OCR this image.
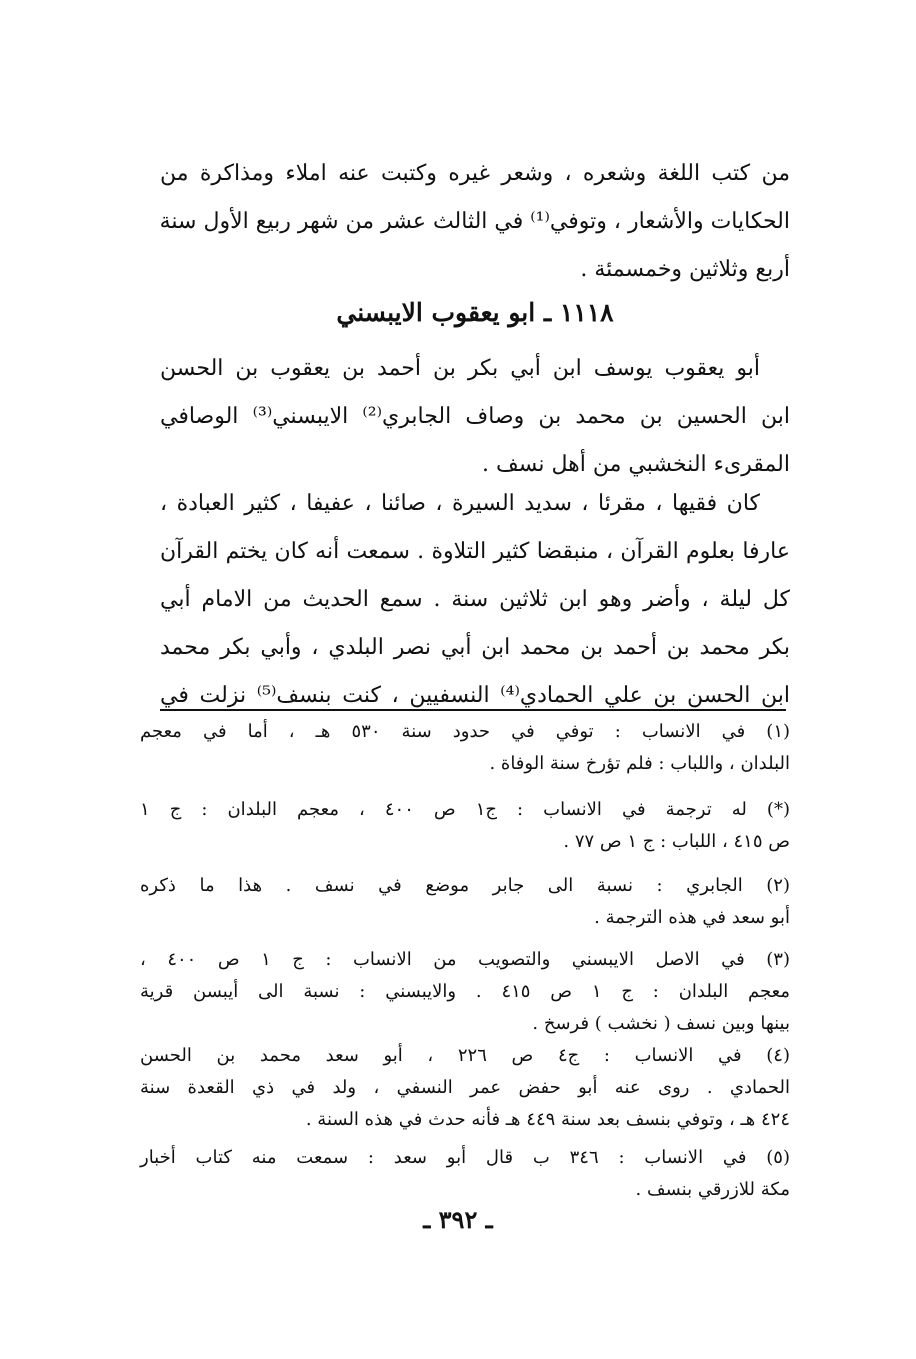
من كتب اللغة وشعره ، وشعر غيره وكتبت عنه املاء ومذاكرة من
الحكايات والأشعار ، وتوفي⁽¹⁾ في الثالث عشر من شهر ربيع الأول سنة
أربع وثلاثين وخمسمئة .
١١١٨ ـ ابو يعقوب الايبسني
أبو يعقوب يوسف ابن أبي بكر بن أحمد بن يعقوب بن الحسن
ابن الحسين بن محمد بن وصاف الجابري⁽²⁾ الايبسني⁽³⁾ الوصافي
المقرىء النخشبي من أهل نسف .
كان فقيها ، مقرئا ، سديد السيرة ، صائنا ، عفيفا ، كثير العبادة ،
عارفا بعلوم القرآن ، منبقضا كثير التلاوة . سمعت أنه كان يختم القرآن
كل ليلة ، وأضر وهو ابن ثلاثين سنة . سمع الحديث من الامام أبي
بكر محمد بن أحمد بن محمد ابن أبي نصر البلدي ، وأبي بكر محمد
ابن الحسن بن علي الحمادي⁽⁴⁾ النسفيين ، كنت بنسف⁽⁵⁾ نزلت في
(١) في الانساب : توفي في حدود سنة ٥٣٠ هـ ، أما في معجم
البلدان ، واللباب : فلم تؤرخ سنة الوفاة .
(*) له ترجمة في الانساب : ج١ ص ٤٠٠ ، معجم البلدان : ج ١
ص ٤١٥ ، اللباب : ج ١ ص ٧٧ .
(٢) الجابري : نسبة الى جابر موضع في نسف . هذا ما ذكره
أبو سعد في هذه الترجمة .
(٣) في الاصل الايبسني والتصويب من الانساب : ج ١ ص ٤٠٠ ،
معجم البلدان : ج ١ ص ٤١٥ . والايبسني : نسبة الى أيبسن قرية
بينها وبين نسف ( نخشب ) فرسخ .
(٤) في الانساب : ج٤ ص ٢٢٦ ، أبو سعد محمد بن الحسن
الحمادي . روى عنه أبو حفض عمر النسفي ، ولد في ذي القعدة سنة
٤٢٤ هـ ، وتوفي بنسف بعد سنة ٤٤٩ هـ فأنه حدث في هذه السنة .
(٥) في الانساب : ٣٤٦ ب قال أبو سعد : سمعت منه كتاب أخبار
مكة للازرقي بنسف .
ـ ٣٩٢ ـ
